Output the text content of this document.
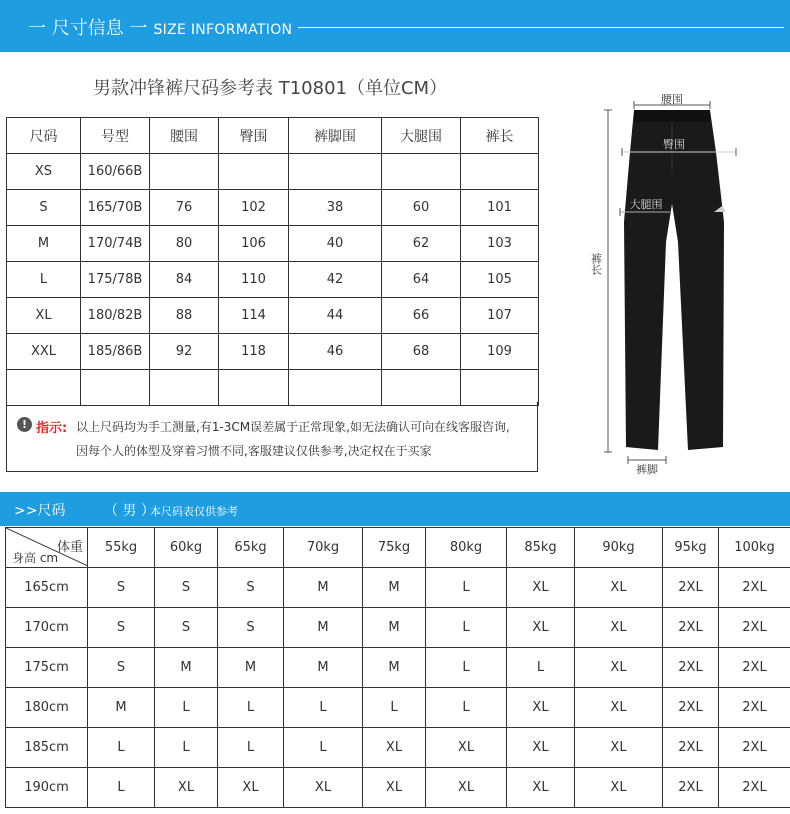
一 尺寸信息 一 SIZE INFORMATION
男款冲锋裤尺码参考表 T10801（单位CM）
尺码	号型	腰围	臀围	裤脚围	大腿围	裤长
XS	160/66B					
S	165/70B	76	102	38	60	101
M	170/74B	80	106	40	62	103
L	175/78B	84	110	42	64	105
XL	180/82B	88	114	44	66	107
XXL	185/86B	92	118	46	68	109

! 指示: 以上尺码均为手工测量,有1-3CM误差属于正常现象,如无法确认可向在线客服咨询,
因每个人的体型及穿着习惯不同,客服建议仅供参考,决定权在于买家
腰围
臀围
大腿围
裤长
裤脚
>>尺码	（ 男 ）
本尺码表仅供参考
体重
身高 cm	55kg	60kg	65kg	70kg	75kg	80kg	85kg	90kg	95kg	100kg
165cm	S	S	S	M	M	L	XL	XL	2XL	2XL
170cm	S	S	S	M	M	L	XL	XL	2XL	2XL
175cm	S	M	M	M	M	L	L	XL	2XL	2XL
180cm	M	L	L	L	L	L	XL	XL	2XL	2XL
185cm	L	L	L	L	XL	XL	XL	XL	2XL	2XL
190cm	L	XL	XL	XL	XL	XL	XL	XL	2XL	2XL
